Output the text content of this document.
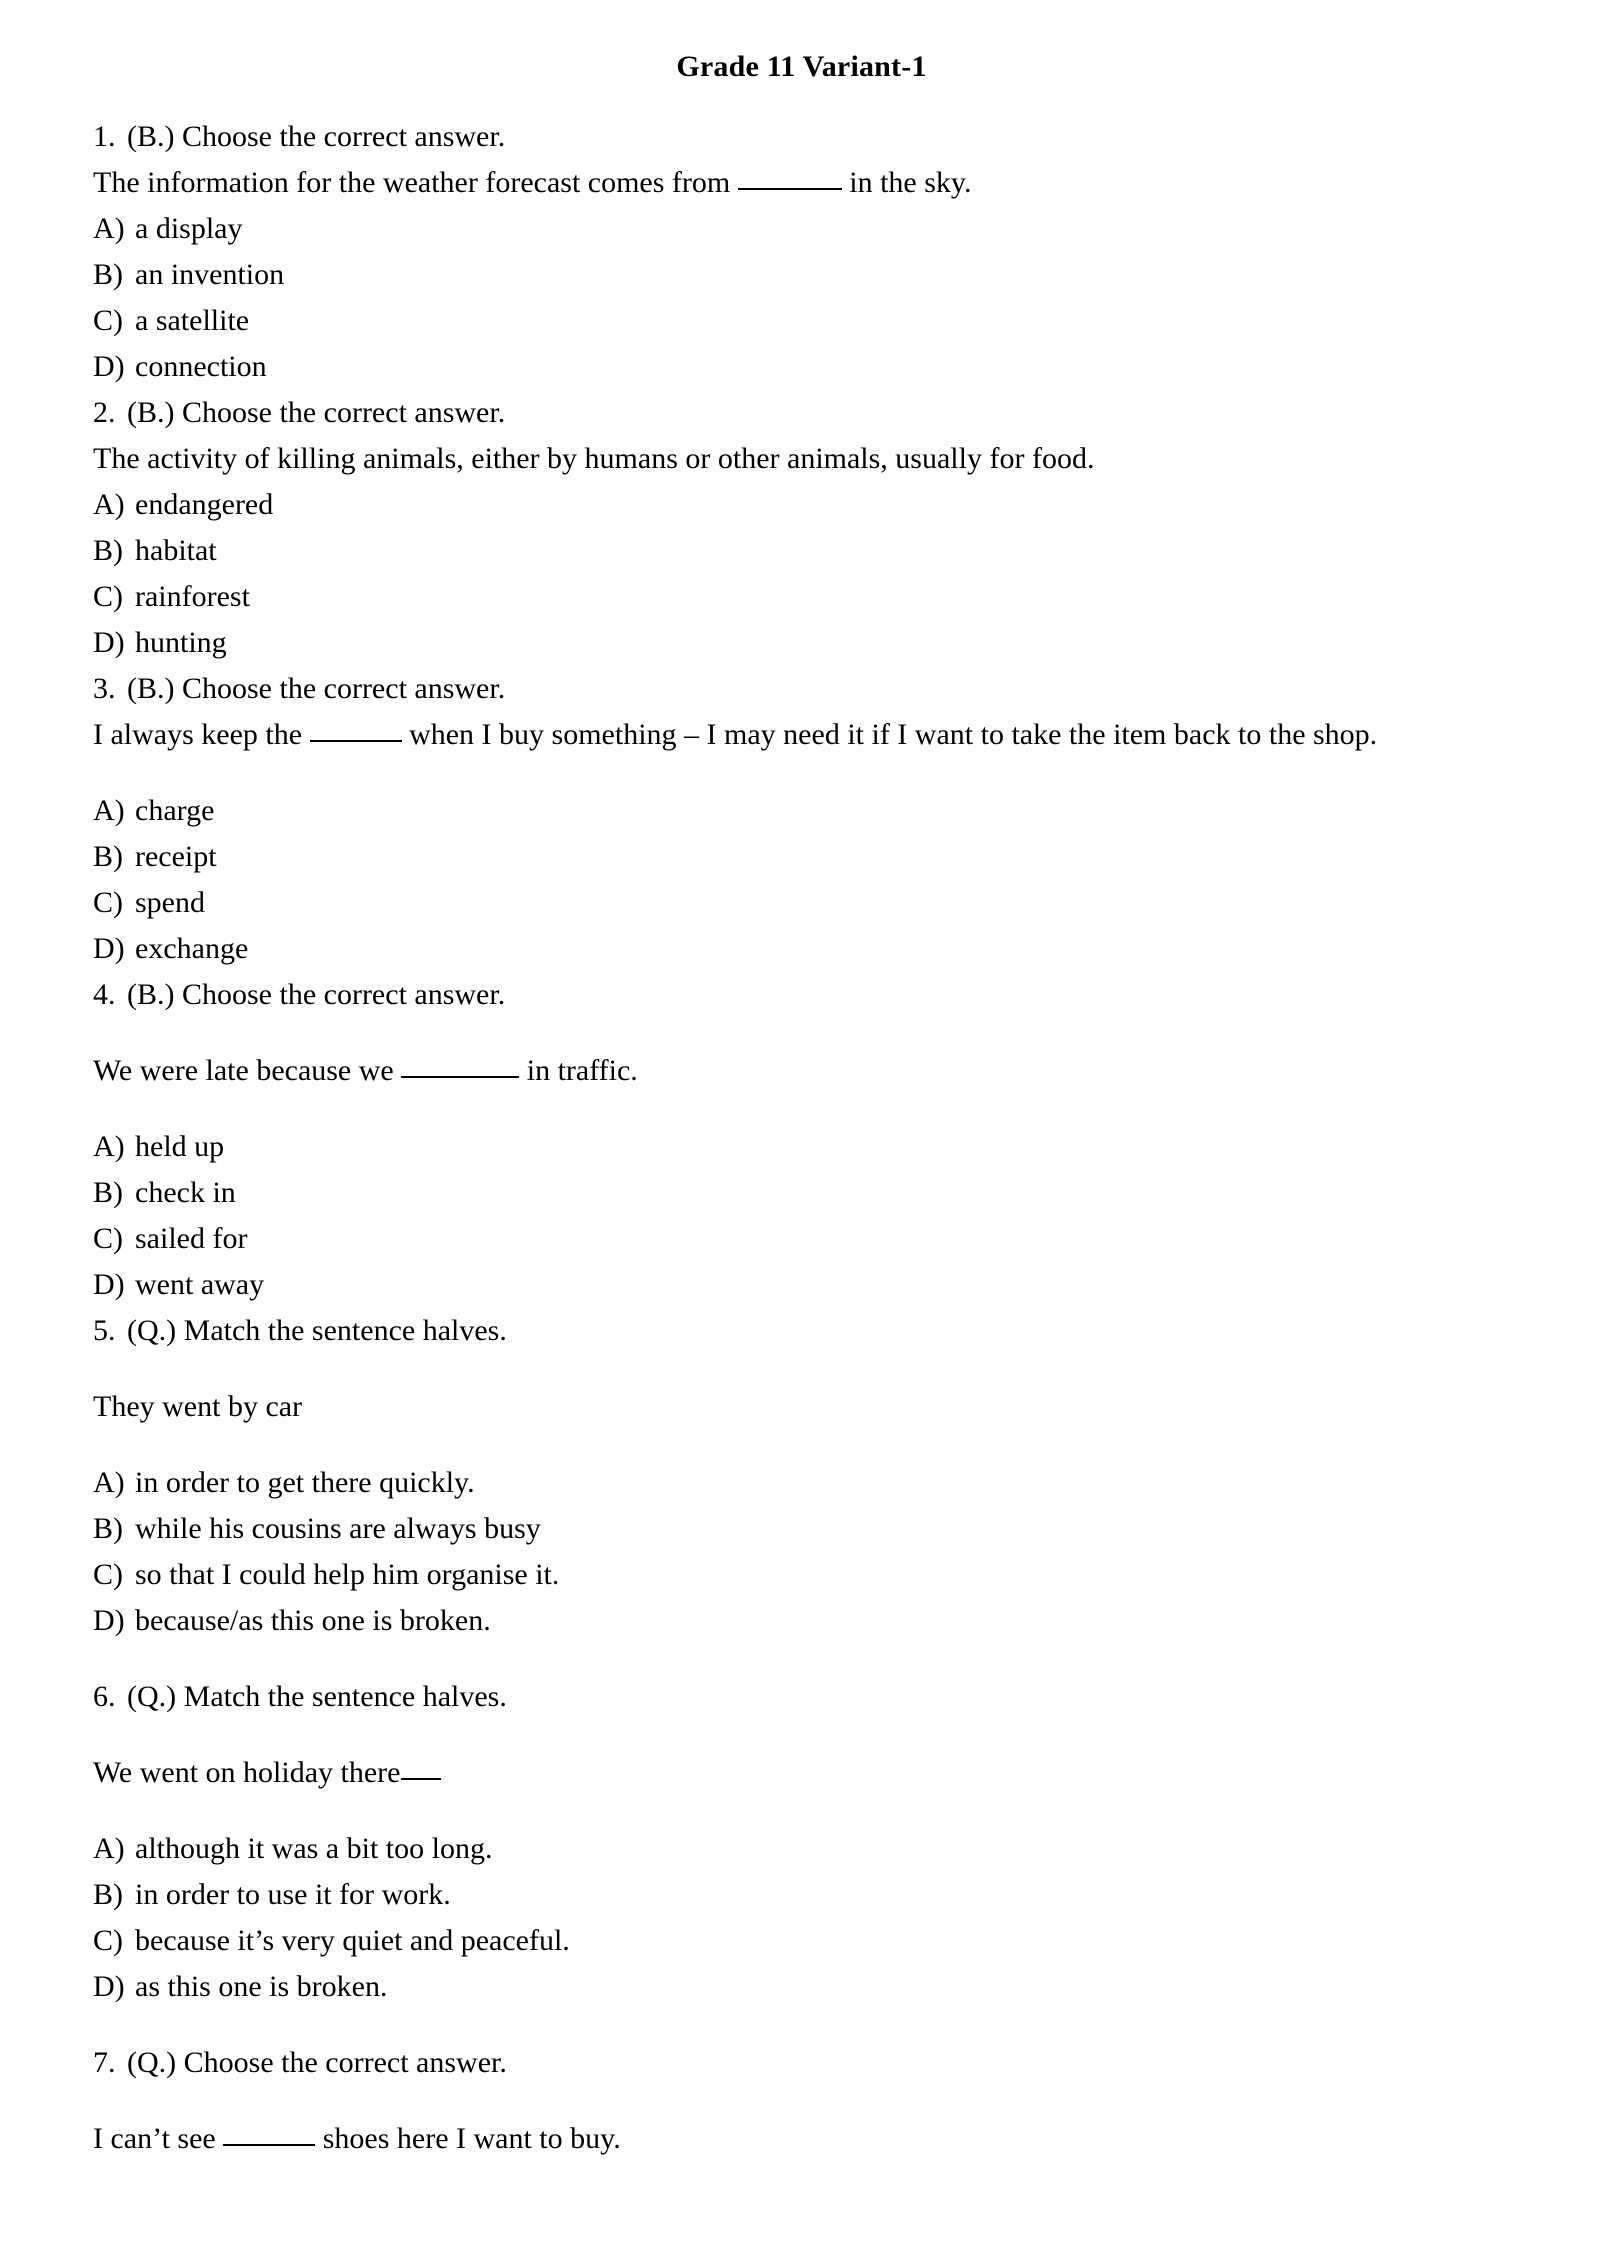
Grade 11 Variant-1

1. (B.) Choose the correct answer.

The information for the weather forecast comes from	in the sky.

A) a display

B) an invention

C) a satellite

D) connection

2. (B.) Choose the correct answer.

The activity of killing animals, either by humans or other animals, usually for food.

A) endangered

B) habitat

C) rainforest

D) hunting

3. (B.) Choose the correct answer.

I always keep the	when I buy something – I may need it if I want to take the item back to the shop.

A) charge

B) receipt

C) spend

D) exchange

4. (B.) Choose the correct answer.

We were late because we	in traffic.

A) held up

B) check in

C) sailed for

D) went away

5. (Q.) Match the sentence halves.

They went by car

A) in order to get there quickly.

B) while his cousins are always busy

C) so that I could help him organise it.

D) because/as this one is broken.

6. (Q.) Match the sentence halves.

We went on holiday there

A) although it was a bit too long.

B) in order to use it for work.

C) because it’s very quiet and peaceful.

D) as this one is broken.

7. (Q.) Choose the correct answer.

I can’t see	shoes here I want to buy.
